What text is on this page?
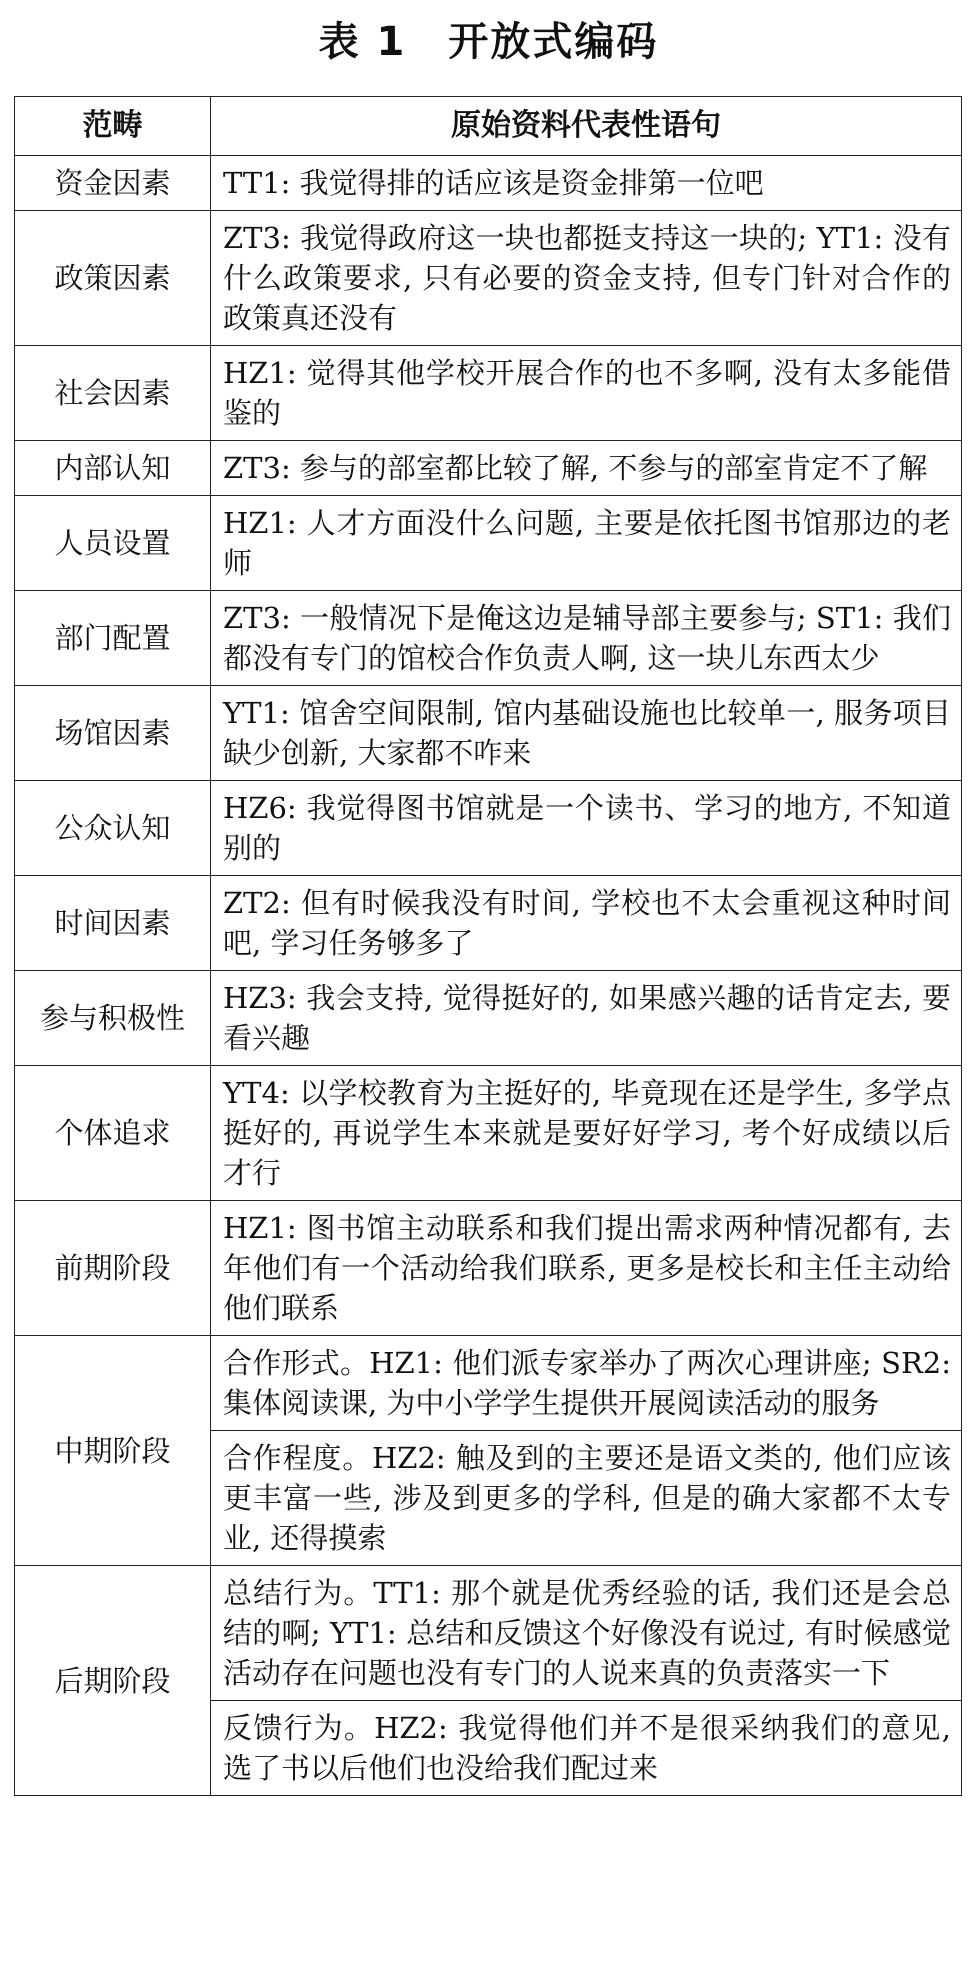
表 1　开放式编码
范畴	原始资料代表性语句
资金因素	TT1: 我觉得排的话应该是资金排第一位吧
政策因素	ZT3: 我觉得政府这一块也都挺支持这一块的; YT1: 没有什么政策要求, 只有必要的资金支持, 但专门针对合作的政策真还没有
社会因素	HZ1: 觉得其他学校开展合作的也不多啊, 没有太多能借鉴的
内部认知	ZT3: 参与的部室都比较了解, 不参与的部室肯定不了解
人员设置	HZ1: 人才方面没什么问题, 主要是依托图书馆那边的老师
部门配置	ZT3: 一般情况下是俺这边是辅导部主要参与; ST1: 我们都没有专门的馆校合作负责人啊, 这一块儿东西太少
场馆因素	YT1: 馆舍空间限制, 馆内基础设施也比较单一, 服务项目缺少创新, 大家都不咋来
公众认知	HZ6: 我觉得图书馆就是一个读书、学习的地方, 不知道别的
时间因素	ZT2: 但有时候我没有时间, 学校也不太会重视这种时间吧, 学习任务够多了
参与积极性	HZ3: 我会支持, 觉得挺好的, 如果感兴趣的话肯定去, 要看兴趣
个体追求	YT4: 以学校教育为主挺好的, 毕竟现在还是学生, 多学点挺好的, 再说学生本来就是要好好学习, 考个好成绩以后才行
前期阶段	HZ1: 图书馆主动联系和我们提出需求两种情况都有, 去年他们有一个活动给我们联系, 更多是校长和主任主动给他们联系
中期阶段	合作形式。HZ1: 他们派专家举办了两次心理讲座; SR2: 集体阅读课, 为中小学学生提供开展阅读活动的服务
	合作程度。HZ2: 触及到的主要还是语文类的, 他们应该更丰富一些, 涉及到更多的学科, 但是的确大家都不太专业, 还得摸索
后期阶段	总结行为。TT1: 那个就是优秀经验的话, 我们还是会总结的啊; YT1: 总结和反馈这个好像没有说过, 有时候感觉活动存在问题也没有专门的人说来真的负责落实一下
	反馈行为。HZ2: 我觉得他们并不是很采纳我们的意见, 选了书以后他们也没给我们配过来
